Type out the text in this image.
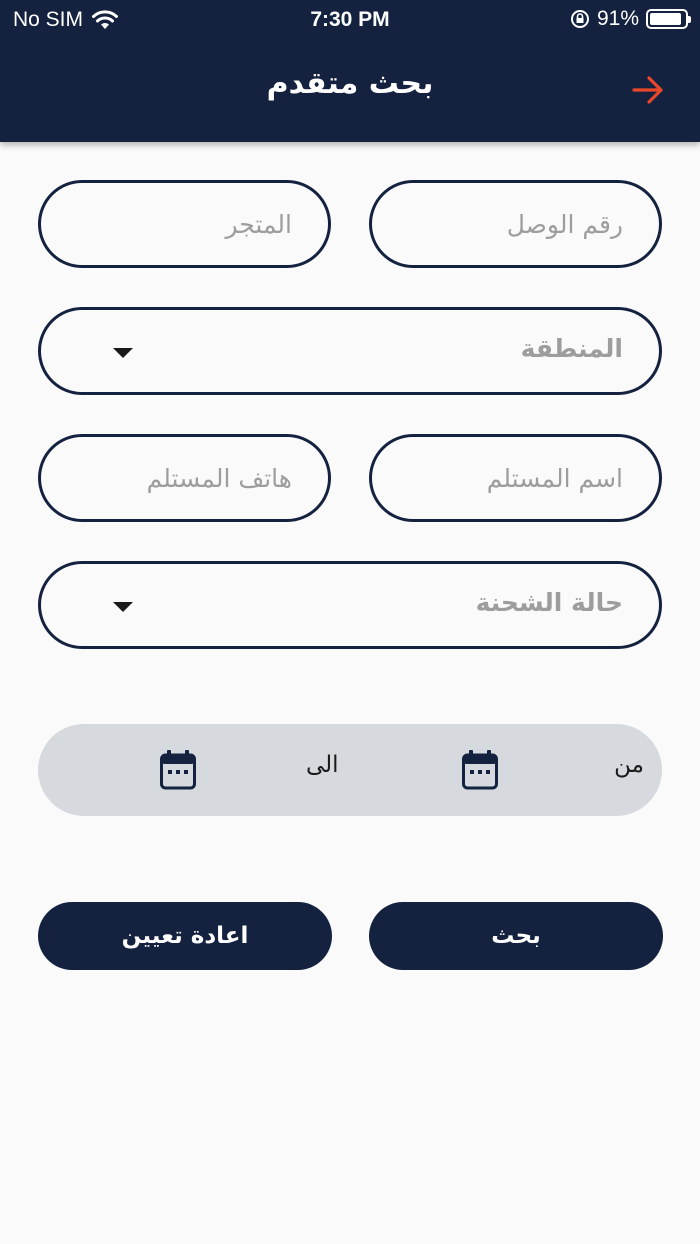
No SIM	7:30 PM	91%
بحث متقدم
رقم الوصل
المتجر
المنطقة
اسم المستلم
هاتف المستلم
حالة الشحنة
من
الى
بحث
اعادة تعيين
